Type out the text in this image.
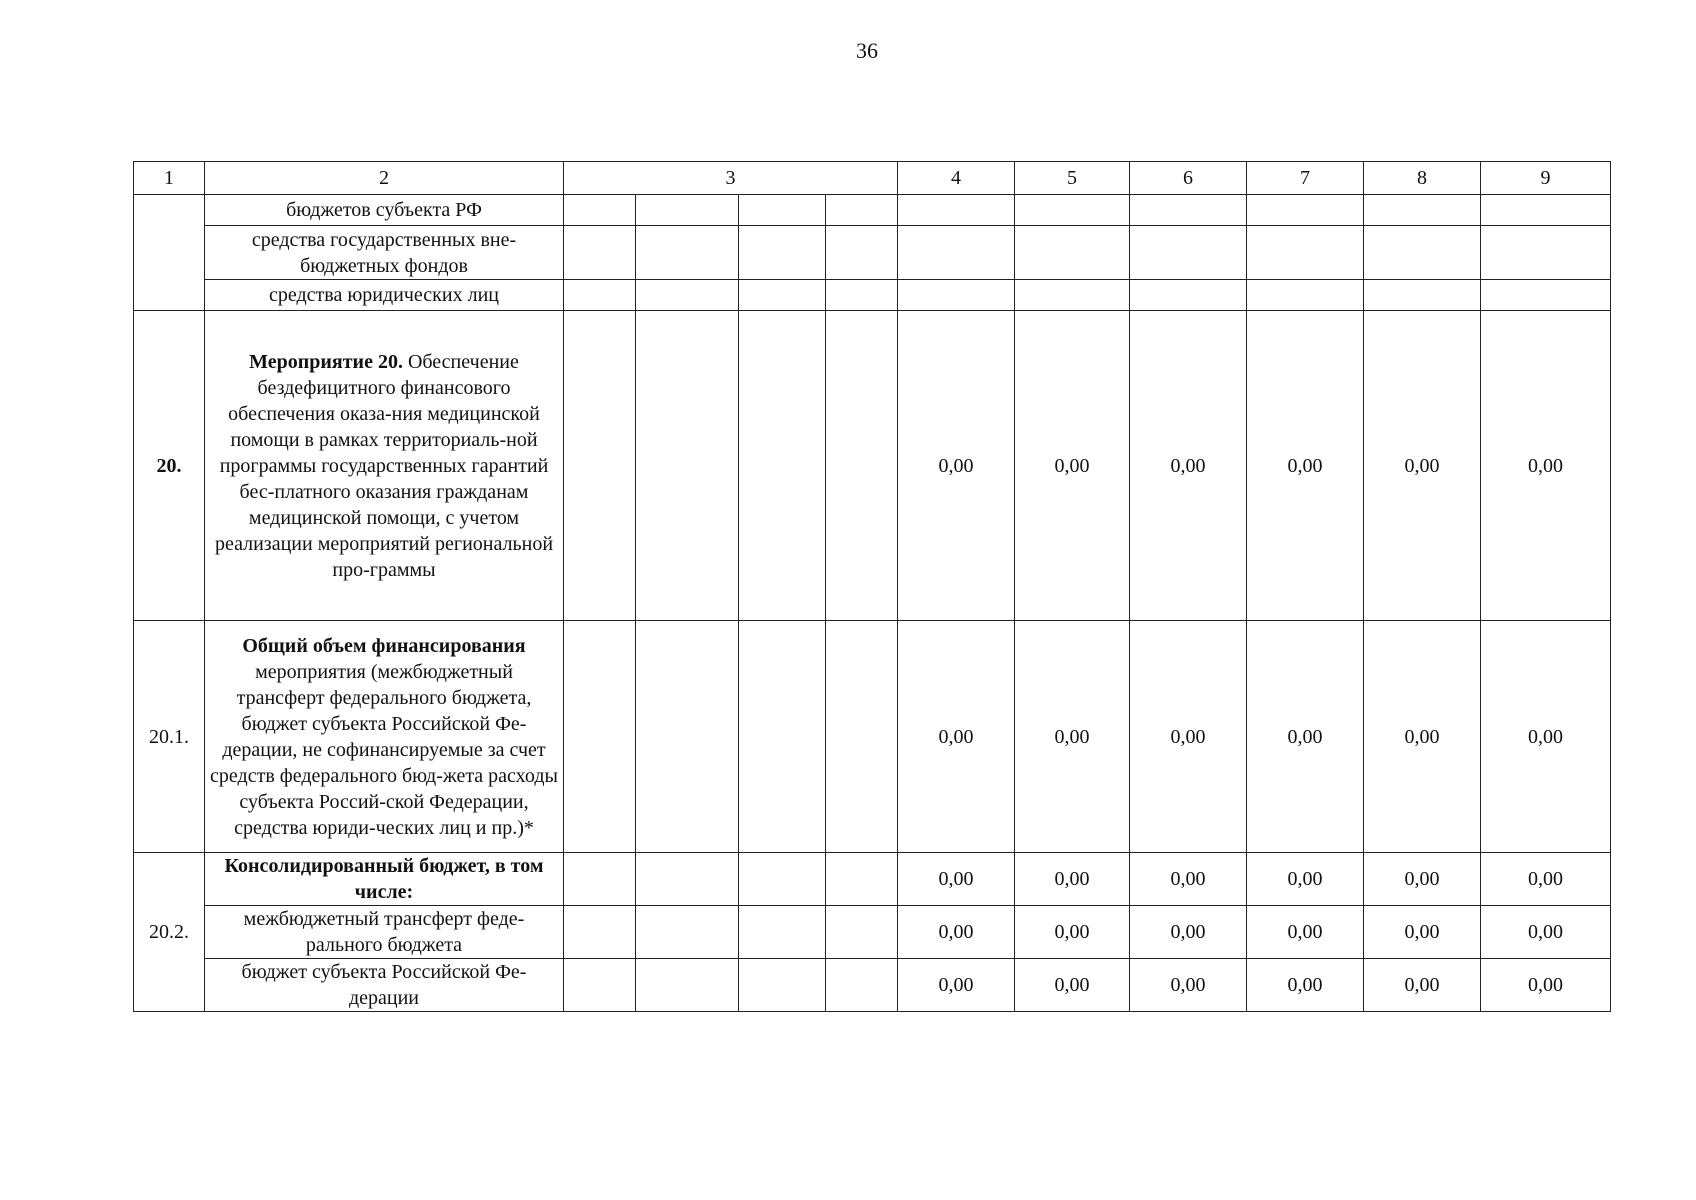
36
1	2	3				4	5	6	7	8	9
	бюджетов субъекта РФ										
	средства государственных вне-бюджетных фондов										
	средства юридических лиц										
20.	Мероприятие 20. Обеспечение бездефицитного финансового обеспечения оказа-ния медицинской помощи в рамках территориаль-ной программы государственных гарантий бес-платного оказания гражданам медицинской помощи, с учетом реализации мероприятий региональной про-граммы					0,00	0,00	0,00	0,00	0,00	0,00
20.1.	Общий объем финансирования мероприятия (межбюджетный трансферт федерального бюджета, бюджет субъекта Российской Фе-дерации, не софинансируемые за счет средств федерального бюд-жета расходы субъекта Россий-ской Федерации, средства юриди-ческих лиц и пр.)*					0,00	0,00	0,00	0,00	0,00	0,00
20.2.	Консолидированный бюджет, в том числе:					0,00	0,00	0,00	0,00	0,00	0,00
	межбюджетный трансферт феде-рального бюджета					0,00	0,00	0,00	0,00	0,00	0,00
	бюджет субъекта Российской Фе-дерации					0,00	0,00	0,00	0,00	0,00	0,00
